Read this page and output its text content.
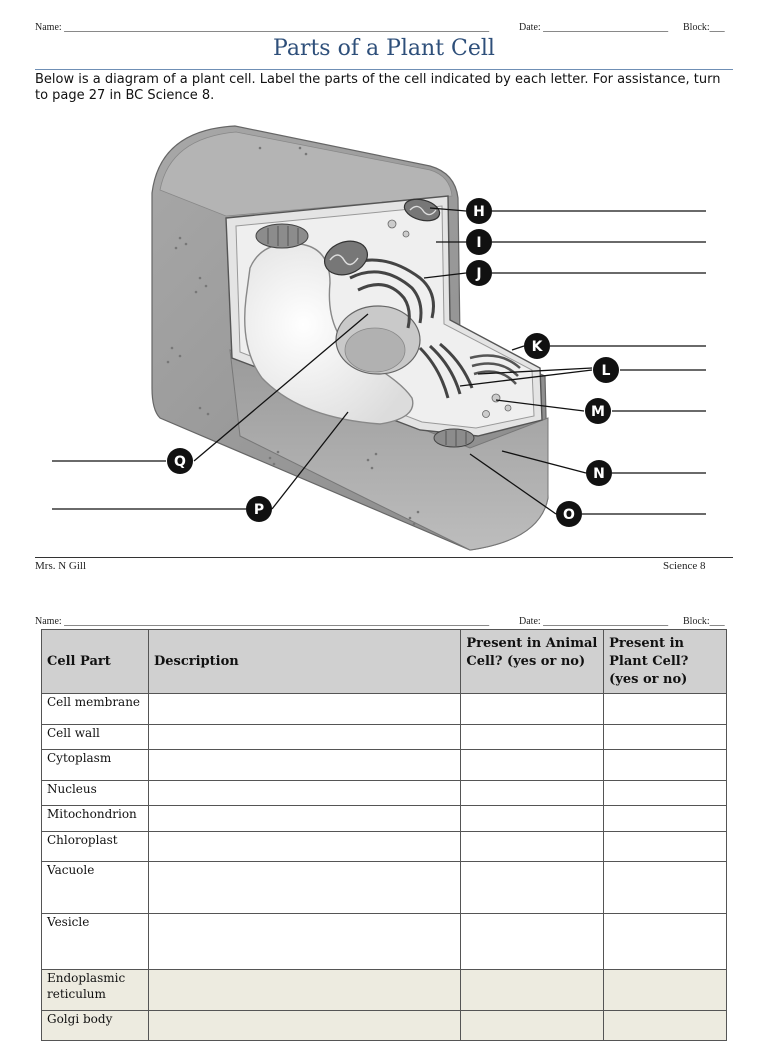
Name: _____________________________________________________________________________________	Date: _________________________ Block:___
Parts of a Plant Cell
Below is a diagram of a plant cell. Label the parts of the cell indicated by each letter. For assistance, turn to page 27 in BC Science 8.
H
I
J
K
L
M
N
O
P
Q
Mrs. N Gill	Science 8
Name: _____________________________________________________________________________________	Date: _________________________ Block:___
Cell Part	Description	Present in Animal Cell? (yes or no)	Present in Plant Cell? (yes or no)
Cell membrane			
Cell wall			
Cytoplasm			
Nucleus			
Mitochondrion			
Chloroplast			
Vacuole			
Vesicle			
Endoplasmic reticulum			
Golgi body			
